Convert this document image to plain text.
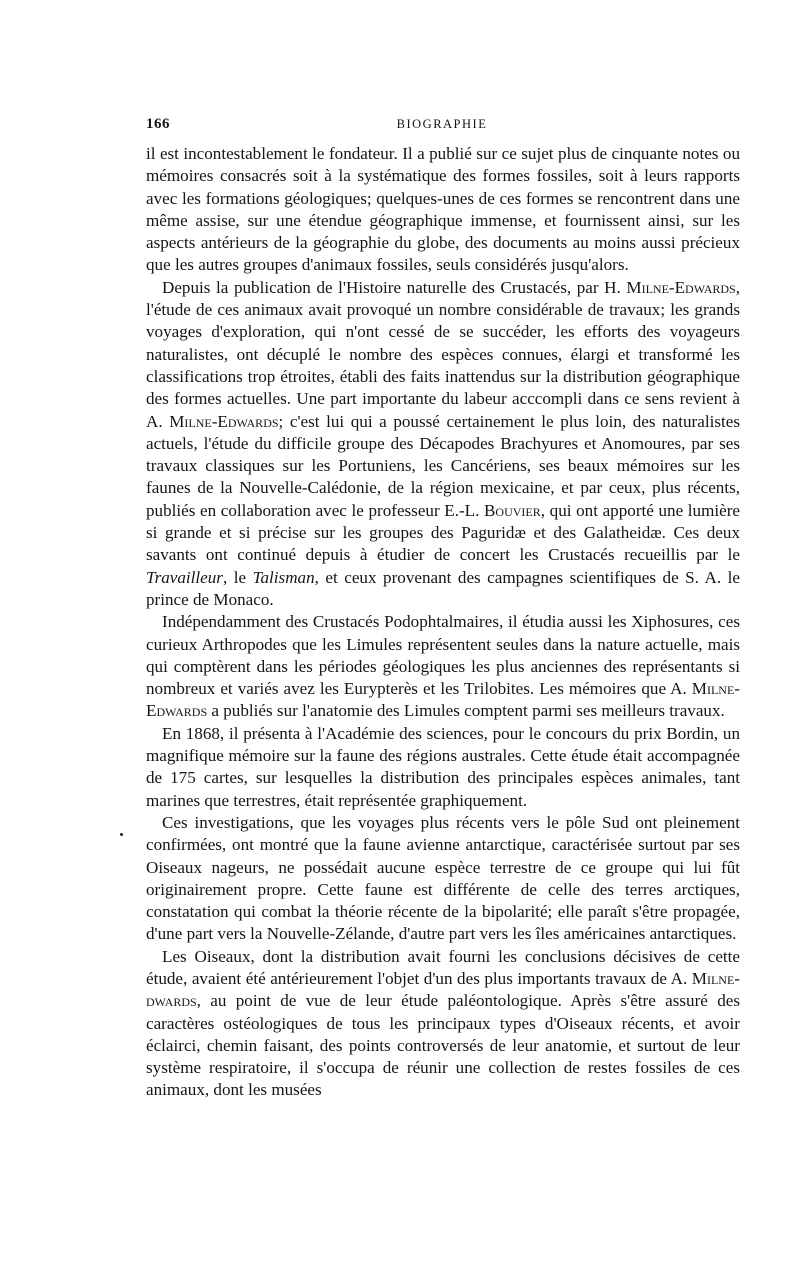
166	BIOGRAPHIE

il est incontestablement le fondateur. Il a publié sur ce sujet plus de cinquante notes ou mémoires consacrés soit à la systématique des formes fossiles, soit à leurs rapports avec les formations géologiques; quelques-unes de ces formes se rencontrent dans une même assise, sur une étendue géographique immense, et fournissent ainsi, sur les aspects antérieurs de la géographie du globe, des documents au moins aussi précieux que les autres groupes d'animaux fossiles, seuls considérés jusqu'alors.

Depuis la publication de l'Histoire naturelle des Crustacés, par H. Milne-Edwards, l'étude de ces animaux avait provoqué un nombre considérable de travaux; les grands voyages d'exploration, qui n'ont cessé de se succéder, les efforts des voyageurs naturalistes, ont décuplé le nombre des espèces connues, élargi et transformé les classifications trop étroites, établi des faits inattendus sur la distribution géographique des formes actuelles. Une part importante du labeur acccompli dans ce sens revient à A. Milne-Edwards; c'est lui qui a poussé certainement le plus loin, des naturalistes actuels, l'étude du difficile groupe des Décapodes Brachyures et Anomoures, par ses travaux classiques sur les Portuniens, les Cancériens, ses beaux mémoires sur les faunes de la Nouvelle-Calédonie, de la région mexicaine, et par ceux, plus récents, publiés en collaboration avec le professeur E.-L. Bouvier, qui ont apporté une lumière si grande et si précise sur les groupes des Paguridæ et des Galatheidæ. Ces deux savants ont continué depuis à étudier de concert les Crustacés recueillis par le Travailleur, le Talisman, et ceux provenant des campagnes scientifiques de S. A. le prince de Monaco.

Indépendamment des Crustacés Podophtalmaires, il étudia aussi les Xiphosures, ces curieux Arthropodes que les Limules représentent seules dans la nature actuelle, mais qui comptèrent dans les périodes géologiques les plus anciennes des représentants si nombreux et variés avez les Eurypterès et les Trilobites. Les mémoires que A. Milne-Edwards a publiés sur l'anatomie des Limules comptent parmi ses meilleurs travaux.

En 1868, il présenta à l'Académie des sciences, pour le concours du prix Bordin, un magnifique mémoire sur la faune des régions australes. Cette étude était accompagnée de 175 cartes, sur lesquelles la distribution des principales espèces animales, tant marines que terrestres, était représentée graphiquement.

Ces investigations, que les voyages plus récents vers le pôle Sud ont pleinement confirmées, ont montré que la faune avienne antarctique, caractérisée surtout par ses Oiseaux nageurs, ne possédait aucune espèce terrestre de ce groupe qui lui fût originairement propre. Cette faune est différente de celle des terres arctiques, constatation qui combat la théorie récente de la bipolarité; elle paraît s'être propagée, d'une part vers la Nouvelle-Zélande, d'autre part vers les îles américaines antarctiques.

Les Oiseaux, dont la distribution avait fourni les conclusions décisives de cette étude, avaient été antérieurement l'objet d'un des plus importants travaux de A. Milne-dwards, au point de vue de leur étude paléontologique. Après s'être assuré des caractères ostéologiques de tous les principaux types d'Oiseaux récents, et avoir éclairci, chemin faisant, des points controversés de leur anatomie, et surtout de leur système respiratoire, il s'occupa de réunir une collection de restes fossiles de ces animaux, dont les musées
